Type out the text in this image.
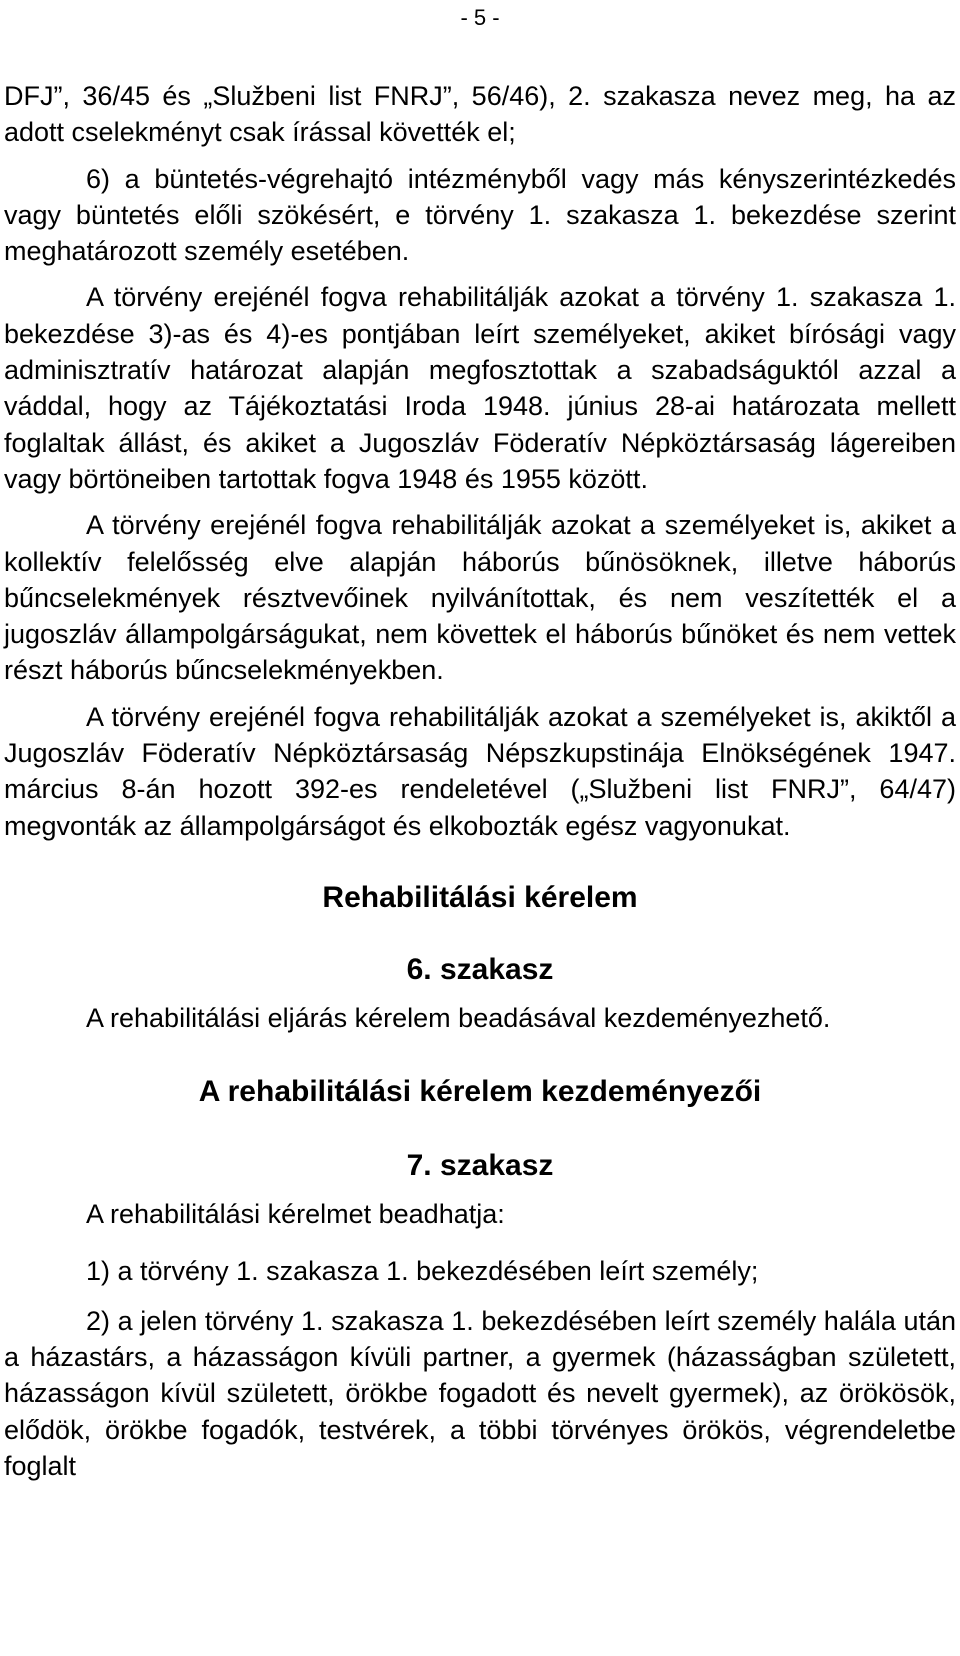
- 5 -

DFJ”, 36/45 és „Službeni list FNRJ”, 56/46), 2. szakasza nevez meg, ha az adott cselekményt csak írással követték el;

6) a büntetés-végrehajtó intézményből vagy más kényszerintézkedés vagy büntetés előli szökésért, e törvény 1. szakasza 1. bekezdése szerint meghatározott személy esetében.

A törvény erejénél fogva rehabilitálják azokat a törvény 1. szakasza 1. bekezdése 3)-as és 4)-es pontjában leírt személyeket, akiket bírósági vagy adminisztratív határozat alapján megfosztottak a szabadságuktól azzal a váddal, hogy az Tájékoztatási Iroda 1948. június 28-ai határozata mellett foglaltak állást, és akiket a Jugoszláv Föderatív Népköztársaság lágereiben vagy börtöneiben tartottak fogva 1948 és 1955 között.

A törvény erejénél fogva rehabilitálják azokat a személyeket is, akiket a kollektív felelősség elve alapján háborús bűnösöknek, illetve háborús bűncselekmények résztvevőinek nyilvánítottak, és nem veszítették el a jugoszláv állampolgárságukat, nem követtek el háborús bűnöket és nem vettek részt háborús bűncselekményekben.

A törvény erejénél fogva rehabilitálják azokat a személyeket is, akiktől a Jugoszláv Föderatív Népköztársaság Népszkupstinája Elnökségének 1947. március 8-án hozott 392-es rendeletével („Službeni list FNRJ”, 64/47) megvonták az állampolgárságot és elkobozták egész vagyonukat.

Rehabilitálási kérelem
6. szakasz

A rehabilitálási eljárás kérelem beadásával kezdeményezhető.

A rehabilitálási kérelem kezdeményezői
7. szakasz

A rehabilitálási kérelmet beadhatja:

1) a törvény 1. szakasza 1. bekezdésében leírt személy;

2) a jelen törvény 1. szakasza 1. bekezdésében leírt személy halála után a házastárs, a házasságon kívüli partner, a gyermek (házasságban született, házasságon kívül született, örökbe fogadott és nevelt gyermek), az örökösök, elődök, örökbe fogadók, testvérek, a többi törvényes örökös, végrendeletbe foglalt
